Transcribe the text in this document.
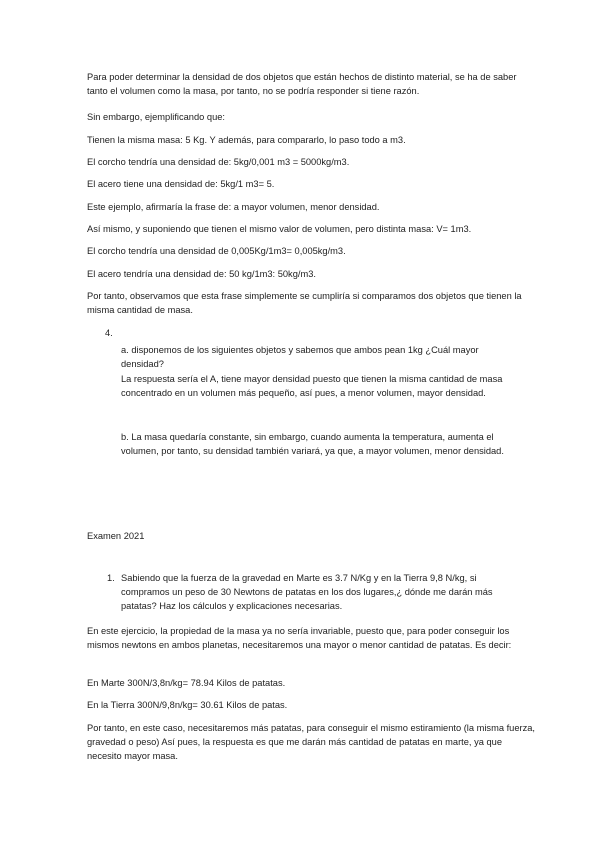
Para poder determinar la densidad de dos objetos que están hechos de distinto material, se ha de saber tanto el volumen como la masa, por tanto, no se podría responder si tiene razón.

Sin embargo, ejemplificando que:

Tienen la misma masa: 5 Kg. Y además, para compararlo, lo paso todo a m3.

El corcho tendría una densidad de: 5kg/0,001 m3 = 5000kg/m3.

El acero tiene una densidad de: 5kg/1 m3= 5.

Este ejemplo, afirmaría la frase de: a mayor volumen, menor densidad.

Así mismo, y suponiendo que tienen el mismo valor de volumen, pero distinta masa: V= 1m3.

El corcho tendría una densidad de 0,005Kg/1m3= 0,005kg/m3.

El acero tendría una densidad de: 50 kg/1m3: 50kg/m3.

Por tanto, observamos que esta frase simplemente se cumpliría si comparamos dos objetos que tienen la misma cantidad de masa.

4.

a. disponemos de los siguientes objetos y sabemos que ambos pean 1kg ¿Cuál mayor densidad?

La respuesta sería el A, tiene mayor densidad puesto que tienen la misma cantidad de masa concentrado en un volumen más pequeño, así pues, a menor volumen, mayor densidad.

b. La masa quedaría constante, sin embargo, cuando aumenta la temperatura, aumenta el volumen, por tanto, su densidad también variará, ya que, a mayor volumen, menor densidad.

Examen 2021

1. Sabiendo que la fuerza de la gravedad en Marte es 3.7 N/Kg y en la Tierra 9,8 N/kg, si compramos un peso de 30 Newtons de patatas en los dos lugares,¿ dónde me darán más patatas? Haz los cálculos y explicaciones necesarias.

En este ejercicio, la propiedad de la masa ya no sería invariable, puesto que, para poder conseguir los mismos newtons en ambos planetas, necesitaremos una mayor o menor cantidad de patatas. Es decir:

En Marte 300N/3,8n/kg= 78.94 Kilos de patatas.

En la Tierra 300N/9,8n/kg= 30.61 Kilos de patas.

Por tanto, en este caso, necesitaremos más patatas, para conseguir el mismo estiramiento (la misma fuerza, gravedad o peso) Así pues, la respuesta es que me darán más cantidad de patatas en marte, ya que necesito mayor masa.
